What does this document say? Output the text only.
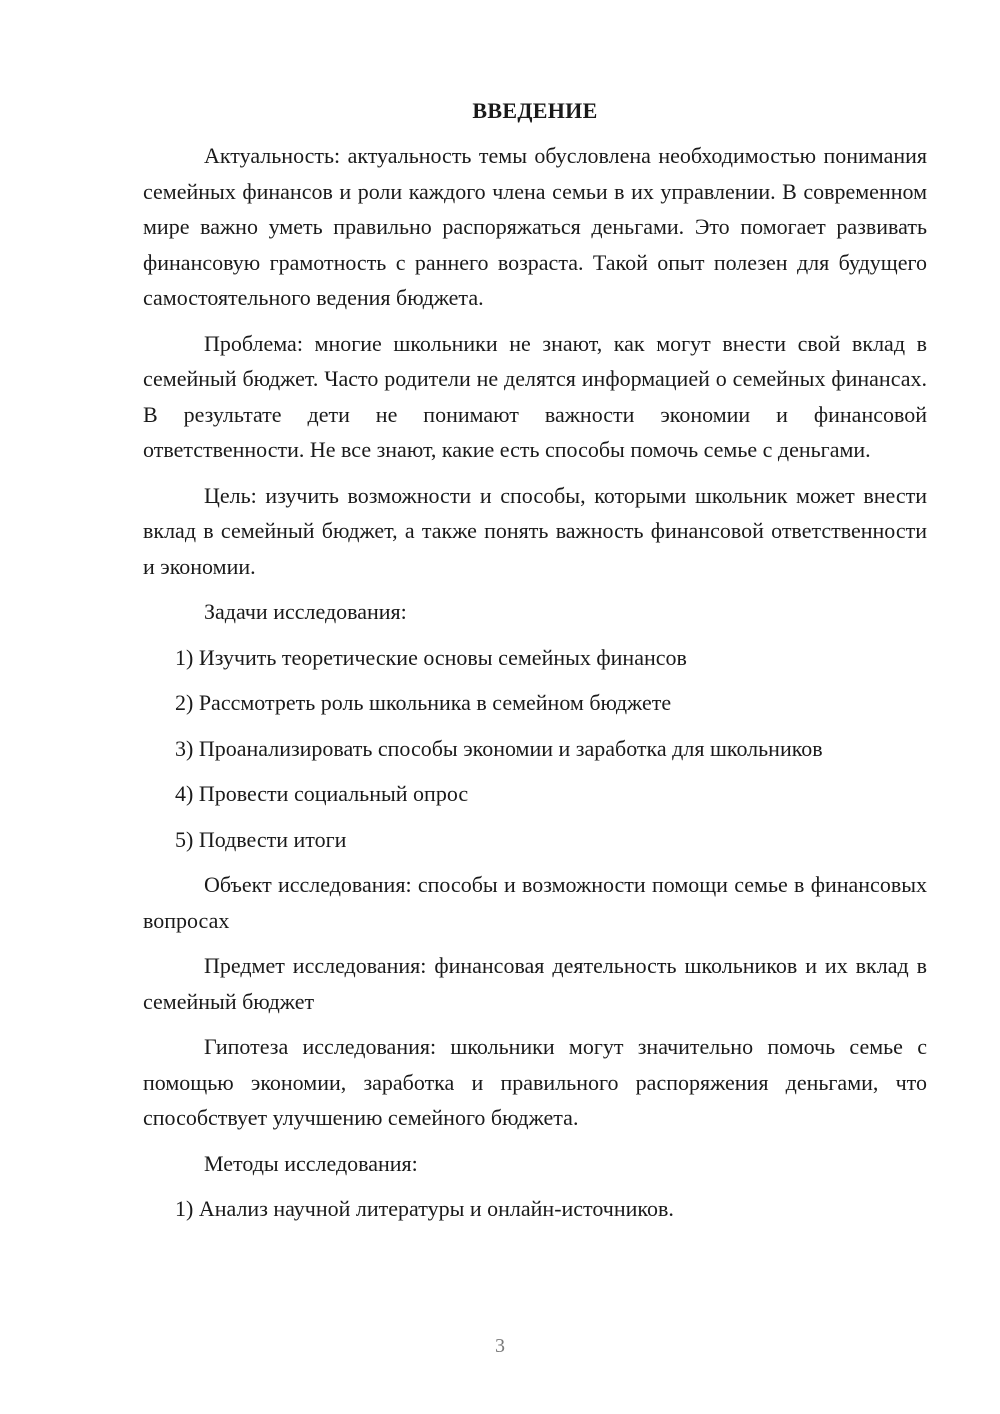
ВВЕДЕНИЕ

Актуальность: актуальность темы обусловлена необходимостью понимания семейных финансов и роли каждого члена семьи в их управлении. В современном мире важно уметь правильно распоряжаться деньгами. Это помогает развивать финансовую грамотность с раннего возраста. Такой опыт полезен для будущего самостоятельного ведения бюджета.

Проблема: многие школьники не знают, как могут внести свой вклад в семейный бюджет. Часто родители не делятся информацией о семейных финансах. В результате дети не понимают важности экономии и финансовой ответственности. Не все знают, какие есть способы помочь семье с деньгами.

Цель: изучить возможности и способы, которыми школьник может внести вклад в семейный бюджет, а также понять важность финансовой ответственности и экономии.

Задачи исследования:

1) Изучить теоретические основы семейных финансов
2) Рассмотреть роль школьника в семейном бюджете
3) Проанализировать способы экономии и заработка для школьников
4) Провести социальный опрос
5) Подвести итоги

Объект исследования: способы и возможности помощи семье в финансовых вопросах

Предмет исследования: финансовая деятельность школьников и их вклад в семейный бюджет

Гипотеза исследования: школьники могут значительно помочь семье с помощью экономии, заработка и правильного распоряжения деньгами, что способствует улучшению семейного бюджета.

Методы исследования:

1) Анализ научной литературы и онлайн-источников.
3
